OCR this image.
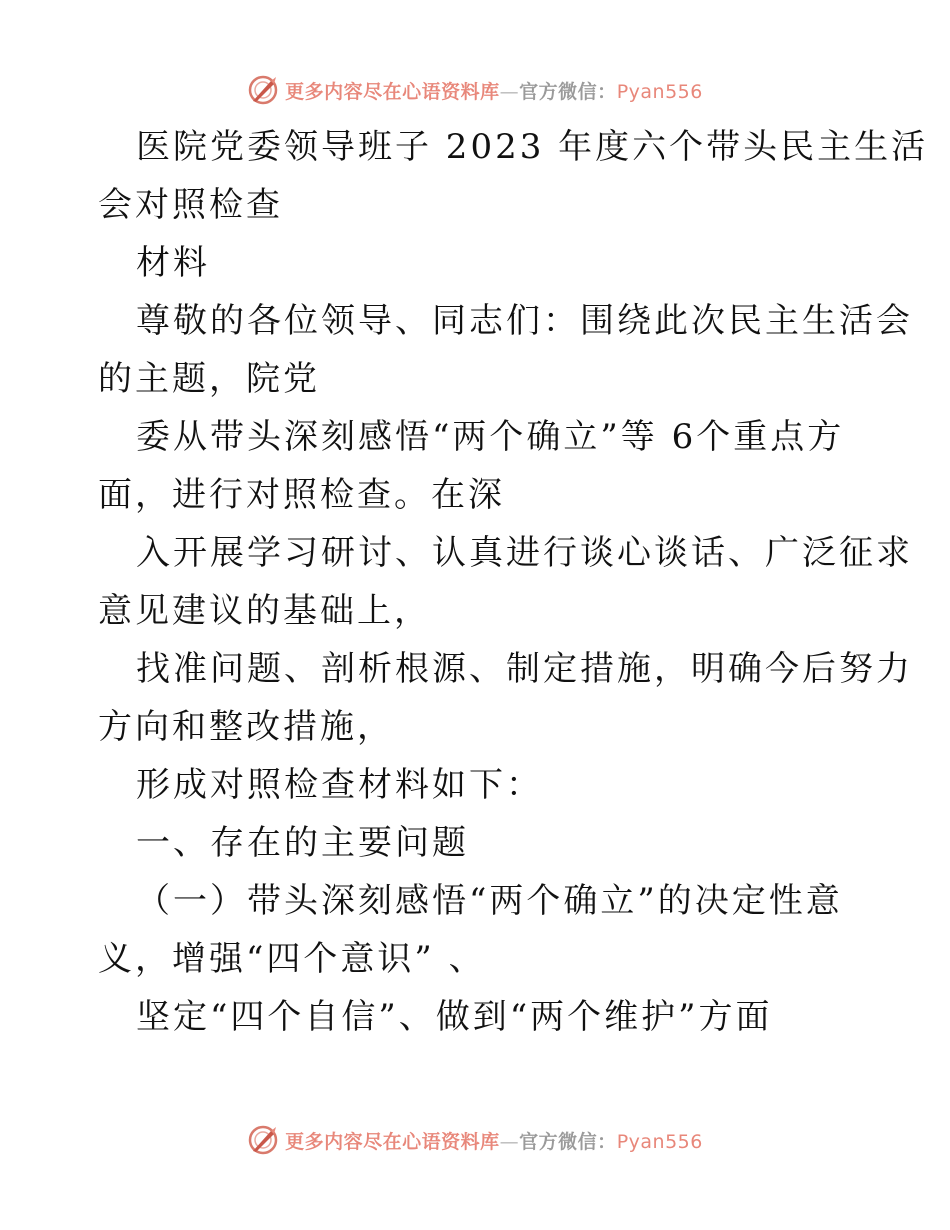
更多内容尽在心语资料库—官方微信：Pyan556
医院党委领导班子 2023 年度六个带头民主生活
会对照检查
材料
尊敬的各位领导、同志们：围绕此次民主生活会
的主题，院党
委从带头深刻感悟“两个确立”等 6个重点方
面，进行对照检查。在深
入开展学习研讨、认真进行谈心谈话、广泛征求
意见建议的基础上，
找准问题、剖析根源、制定措施，明确今后努力
方向和整改措施，
形成对照检查材料如下：
一、存在的主要问题
（一）带头深刻感悟“两个确立”的决定性意
义，增强“四个意识” 、
坚定“四个自信”、做到“两个维护”方面
更多内容尽在心语资料库—官方微信：Pyan556
